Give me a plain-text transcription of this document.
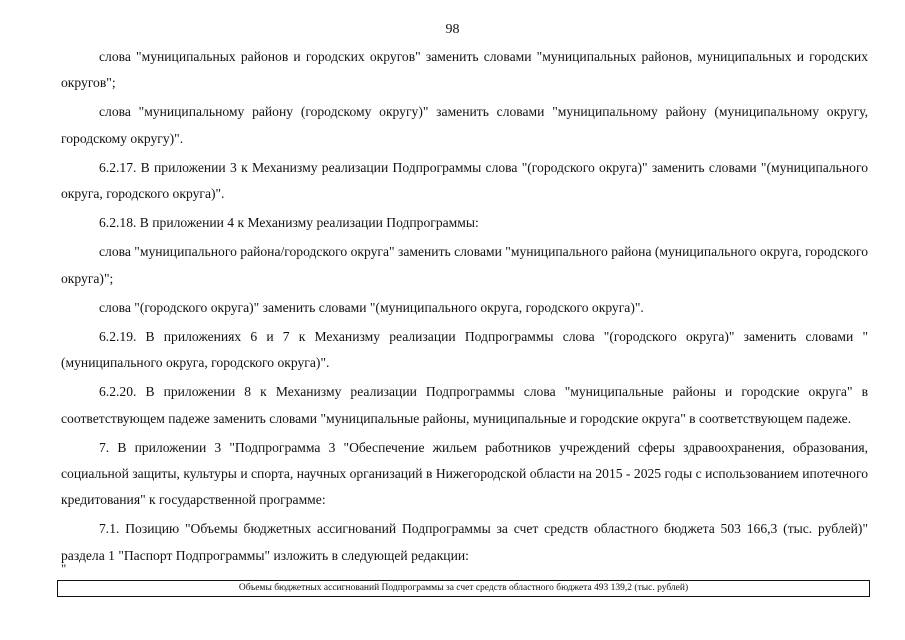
98

слова "муниципальных районов и городских округов" заменить словами "муниципальных районов, муниципальных и городских округов";

слова "муниципальному району (городскому округу)" заменить словами "муниципальному району (муниципальному округу, городскому округу)".

6.2.17. В приложении 3 к Механизму реализации Подпрограммы слова "(городского округа)" заменить словами "(муниципального округа, городского округа)".

6.2.18. В приложении 4 к Механизму реализации Подпрограммы:

слова "муниципального района/городского округа" заменить словами "муниципального района (муниципального округа, городского округа)";

слова "(городского округа)" заменить словами "(муниципального округа, городского округа)".

6.2.19. В приложениях 6 и 7 к Механизму реализации Подпрограммы слова "(городского округа)" заменить словами "(муниципального округа, городского округа)".

6.2.20. В приложении 8 к Механизму реализации Подпрограммы слова "муниципальные районы и городские округа" в соответствующем падеже заменить словами "муниципальные районы, муниципальные и городские округа" в соответствующем падеже.

7. В приложении 3 "Подпрограмма 3 "Обеспечение жильем работников учреждений сферы здравоохранения, образования, социальной защиты, культуры и спорта, научных организаций в Нижегородской области на 2015 - 2025 годы с использованием ипотечного кредитования" к государственной программе:

7.1. Позицию "Объемы бюджетных ассигнований Подпрограммы за счет средств областного бюджета 503 166,3 (тыс. рублей)" раздела 1 "Паспорт Подпрограммы" изложить в следующей редакции:

"
Объемы бюджетных ассигнований Подпрограммы за счет средств областного бюджета 493 139,2 (тыс. рублей)
